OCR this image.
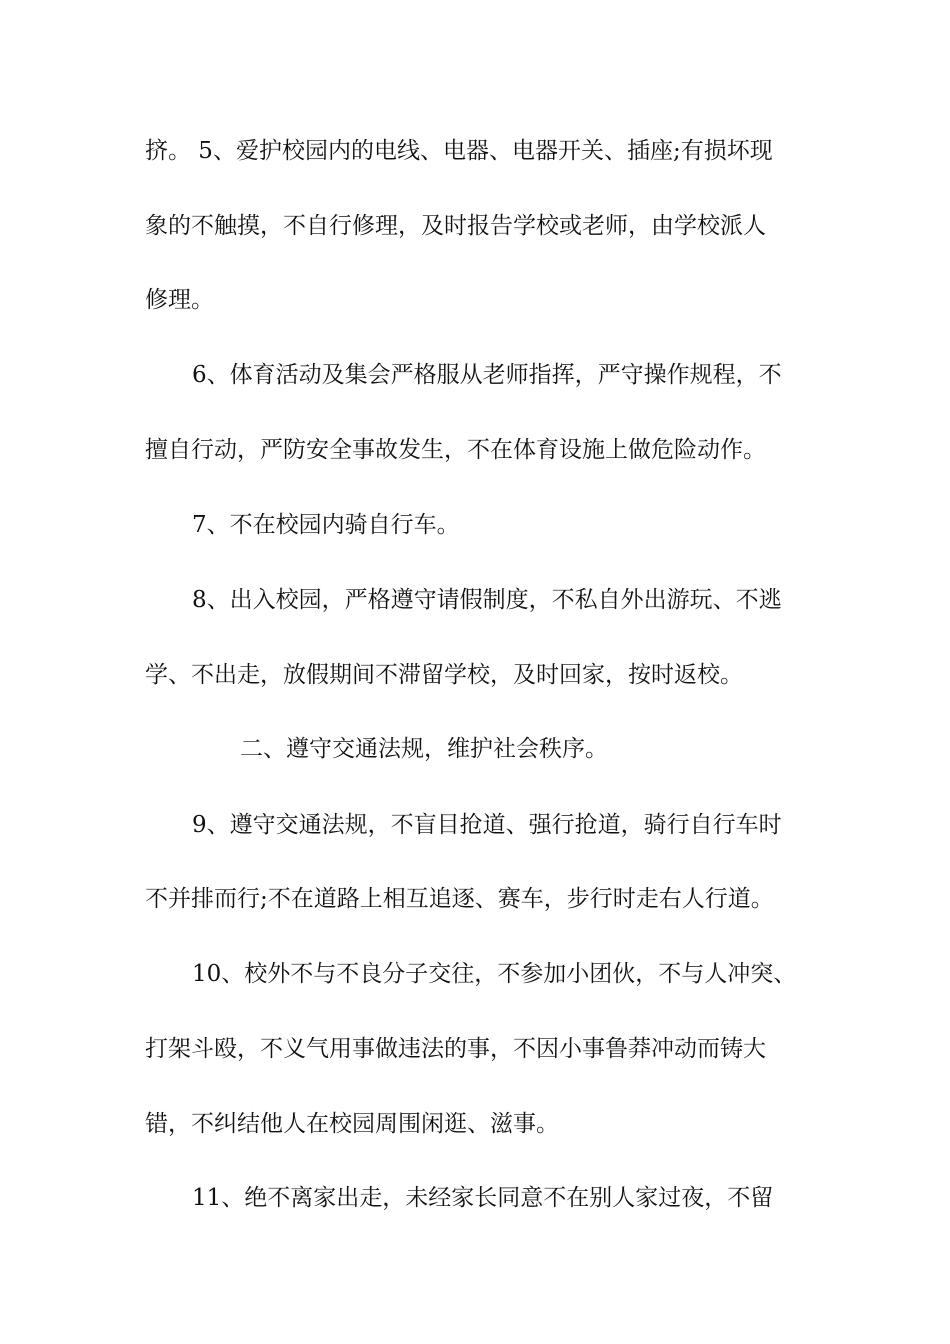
挤。 5、爱护校园内的电线、电器、电器开关、插座;有损坏现
象的不触摸，不自行修理，及时报告学校或老师，由学校派人
修理。
6、体育活动及集会严格服从老师指挥，严守操作规程，不
擅自行动，严防安全事故发生，不在体育设施上做危险动作。
7、不在校园内骑自行车。
8、出入校园，严格遵守请假制度，不私自外出游玩、不逃
学、不出走，放假期间不滞留学校，及时回家，按时返校。
二、遵守交通法规，维护社会秩序。
9、遵守交通法规，不盲目抢道、强行抢道，骑行自行车时
不并排而行;不在道路上相互追逐、赛车，步行时走右人行道。
10、校外不与不良分子交往，不参加小团伙，不与人冲突、
打架斗殴，不义气用事做违法的事，不因小事鲁莽冲动而铸大
错，不纠结他人在校园周围闲逛、滋事。
11、绝不离家出走，未经家长同意不在别人家过夜，不留
